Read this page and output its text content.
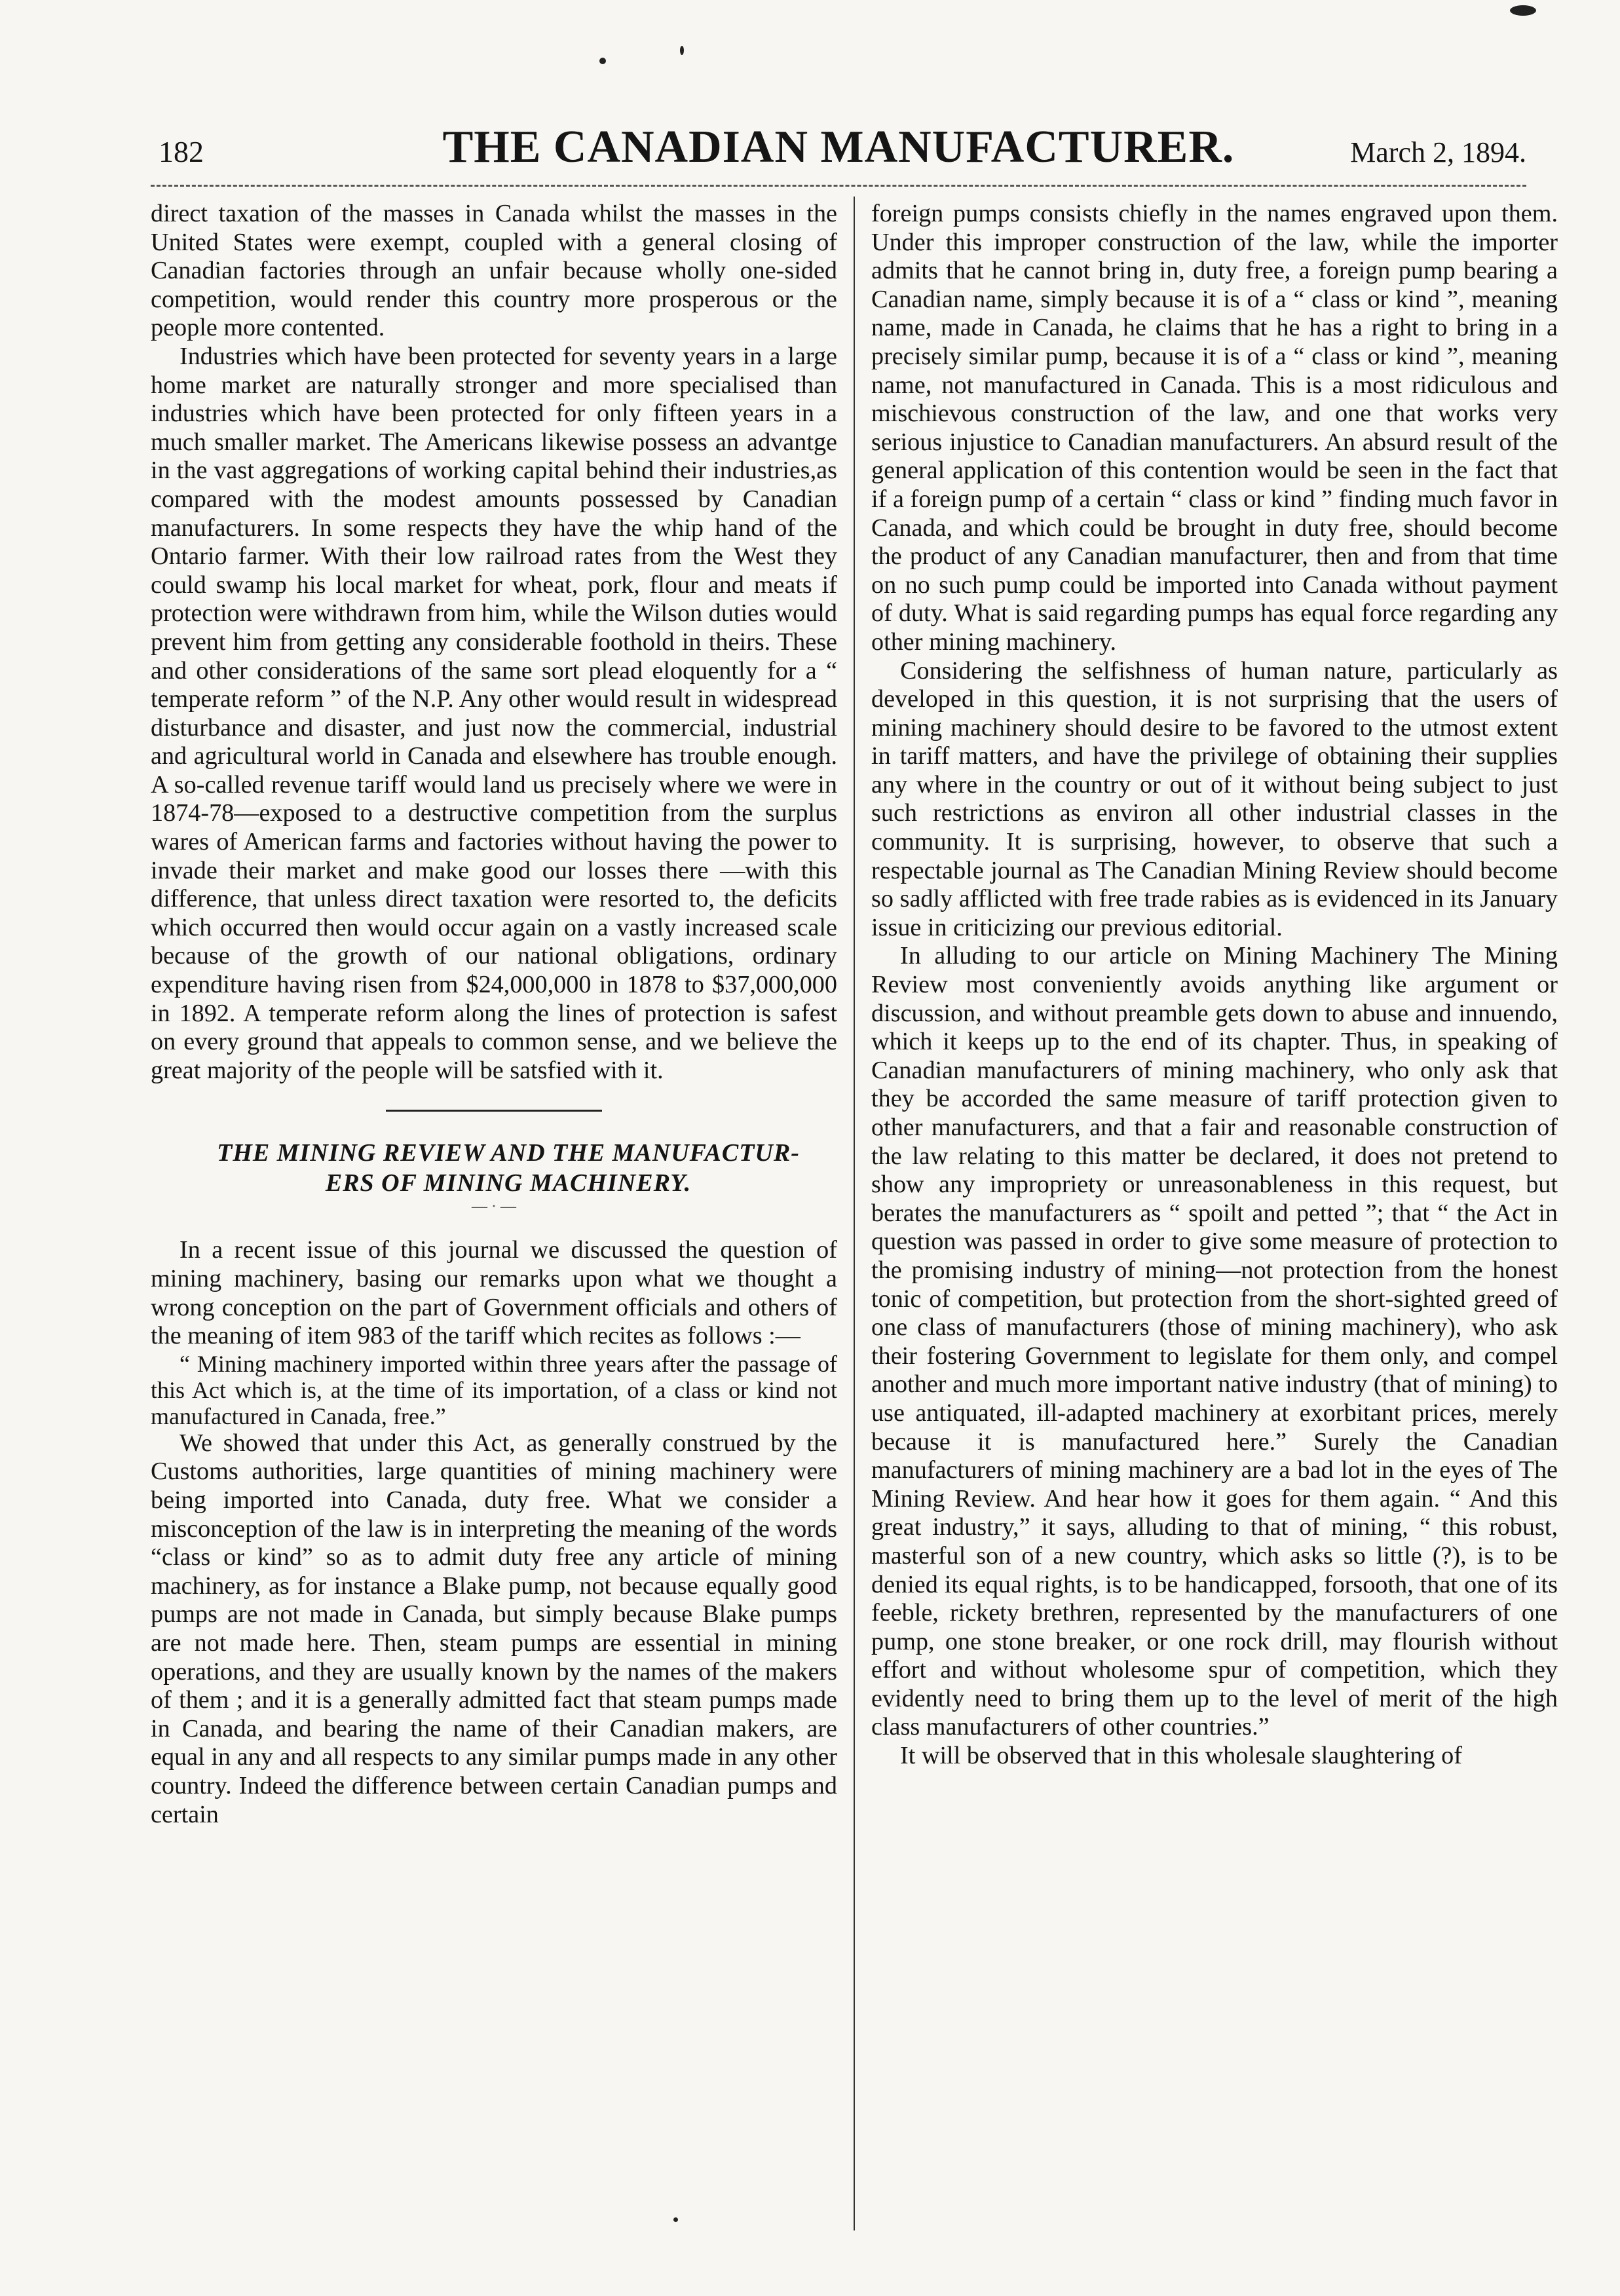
182	THE CANADIAN MANUFACTURER.	March 2, 1894.

direct taxation of the masses in Canada whilst the masses in the United States were exempt, coupled with a general closing of Canadian factories through an unfair because wholly one-sided competition, would render this country more prosperous or the people more contented.

Industries which have been protected for seventy years in a large home market are naturally stronger and more specialised than industries which have been protected for only fifteen years in a much smaller market. The Americans likewise possess an advantge in the vast aggregations of working capital behind their industries,as compared with the modest amounts possessed by Canadian manufacturers. In some respects they have the whip hand of the Ontario farmer. With their low railroad rates from the West they could swamp his local market for wheat, pork, flour and meats if protection were withdrawn from him, while the Wilson duties would prevent him from getting any considerable foothold in theirs. These and other considerations of the same sort plead eloquently for a “ temperate reform ” of the N.P. Any other would result in widespread disturbance and disaster, and just now the commercial, industrial and agricultural world in Canada and elsewhere has trouble enough. A so-called revenue tariff would land us precisely where we were in 1874-78—exposed to a destructive competition from the surplus wares of American farms and factories without having the power to invade their market and make good our losses there —with this difference, that unless direct taxation were resorted to, the deficits which occurred then would occur again on a vastly increased scale because of the growth of our national obligations, ordinary expenditure having risen from $24,000,000 in 1878 to $37,000,000 in 1892. A temperate reform along the lines of protection is safest on every ground that appeals to common sense, and we believe the great majority of the people will be satsfied with it.

THE MINING REVIEW AND THE MANUFACTUR-

ERS OF MINING MACHINERY.

— · —

In a recent issue of this journal we discussed the question of mining machinery, basing our remarks upon what we thought a wrong conception on the part of Government officials and others of the meaning of item 983 of the tariff which recites as follows :—

“ Mining machinery imported within three years after the passage of this Act which is, at the time of its importation, of a class or kind not manufactured in Canada, free.”

We showed that under this Act, as generally construed by the Customs authorities, large quantities of mining machinery were being imported into Canada, duty free. What we consider a misconception of the law is in interpreting the meaning of the words “class or kind” so as to admit duty free any article of mining machinery, as for instance a Blake pump, not because equally good pumps are not made in Canada, but simply because Blake pumps are not made here. Then, steam pumps are essential in mining operations, and they are usually known by the names of the makers of them ; and it is a generally admitted fact that steam pumps made in Canada, and bearing the name of their Canadian makers, are equal in any and all respects to any similar pumps made in any other country. Indeed the difference between certain Canadian pumps and certain

foreign pumps consists chiefly in the names engraved upon them. Under this improper construction of the law, while the importer admits that he cannot bring in, duty free, a foreign pump bearing a Canadian name, simply because it is of a “ class or kind ”, meaning name, made in Canada, he claims that he has a right to bring in a precisely similar pump, because it is of a “ class or kind ”, meaning name, not manufactured in Canada. This is a most ridiculous and mischievous construction of the law, and one that works very serious injustice to Canadian manufacturers. An absurd result of the general application of this contention would be seen in the fact that if a foreign pump of a certain “ class or kind ” finding much favor in Canada, and which could be brought in duty free, should become the product of any Canadian manufacturer, then and from that time on no such pump could be imported into Canada without payment of duty. What is said regarding pumps has equal force regarding any other mining machinery.

Considering the selfishness of human nature, particularly as developed in this question, it is not surprising that the users of mining machinery should desire to be favored to the utmost extent in tariff matters, and have the privilege of obtaining their supplies any where in the country or out of it without being subject to just such restrictions as environ all other industrial classes in the community. It is surprising, however, to observe that such a respectable journal as The Canadian Mining Review should become so sadly afflicted with free trade rabies as is evidenced in its January issue in criticizing our previous editorial.

In alluding to our article on Mining Machinery The Mining Review most conveniently avoids anything like argument or discussion, and without preamble gets down to abuse and innuendo, which it keeps up to the end of its chapter. Thus, in speaking of Canadian manufacturers of mining machinery, who only ask that they be accorded the same measure of tariff protection given to other manufacturers, and that a fair and reasonable construction of the law relating to this matter be declared, it does not pretend to show any impropriety or unreasonableness in this request, but berates the manufacturers as “ spoilt and petted ”; that “ the Act in question was passed in order to give some measure of protection to the promising industry of mining—not protection from the honest tonic of competition, but protection from the short-sighted greed of one class of manufacturers (those of mining machinery), who ask their fostering Government to legislate for them only, and compel another and much more important native industry (that of mining) to use antiquated, ill-adapted machinery at exorbitant prices, merely because it is manufactured here.” Surely the Canadian manufacturers of mining machinery are a bad lot in the eyes of The Mining Review. And hear how it goes for them again. “ And this great industry,” it says, alluding to that of mining, “ this robust, masterful son of a new country, which asks so little (?), is to be denied its equal rights, is to be handicapped, forsooth, that one of its feeble, rickety brethren, represented by the manufacturers of one pump, one stone breaker, or one rock drill, may flourish without effort and without wholesome spur of competition, which they evidently need to bring them up to the level of merit of the high class manufacturers of other countries.”

It will be observed that in this wholesale slaughtering of
